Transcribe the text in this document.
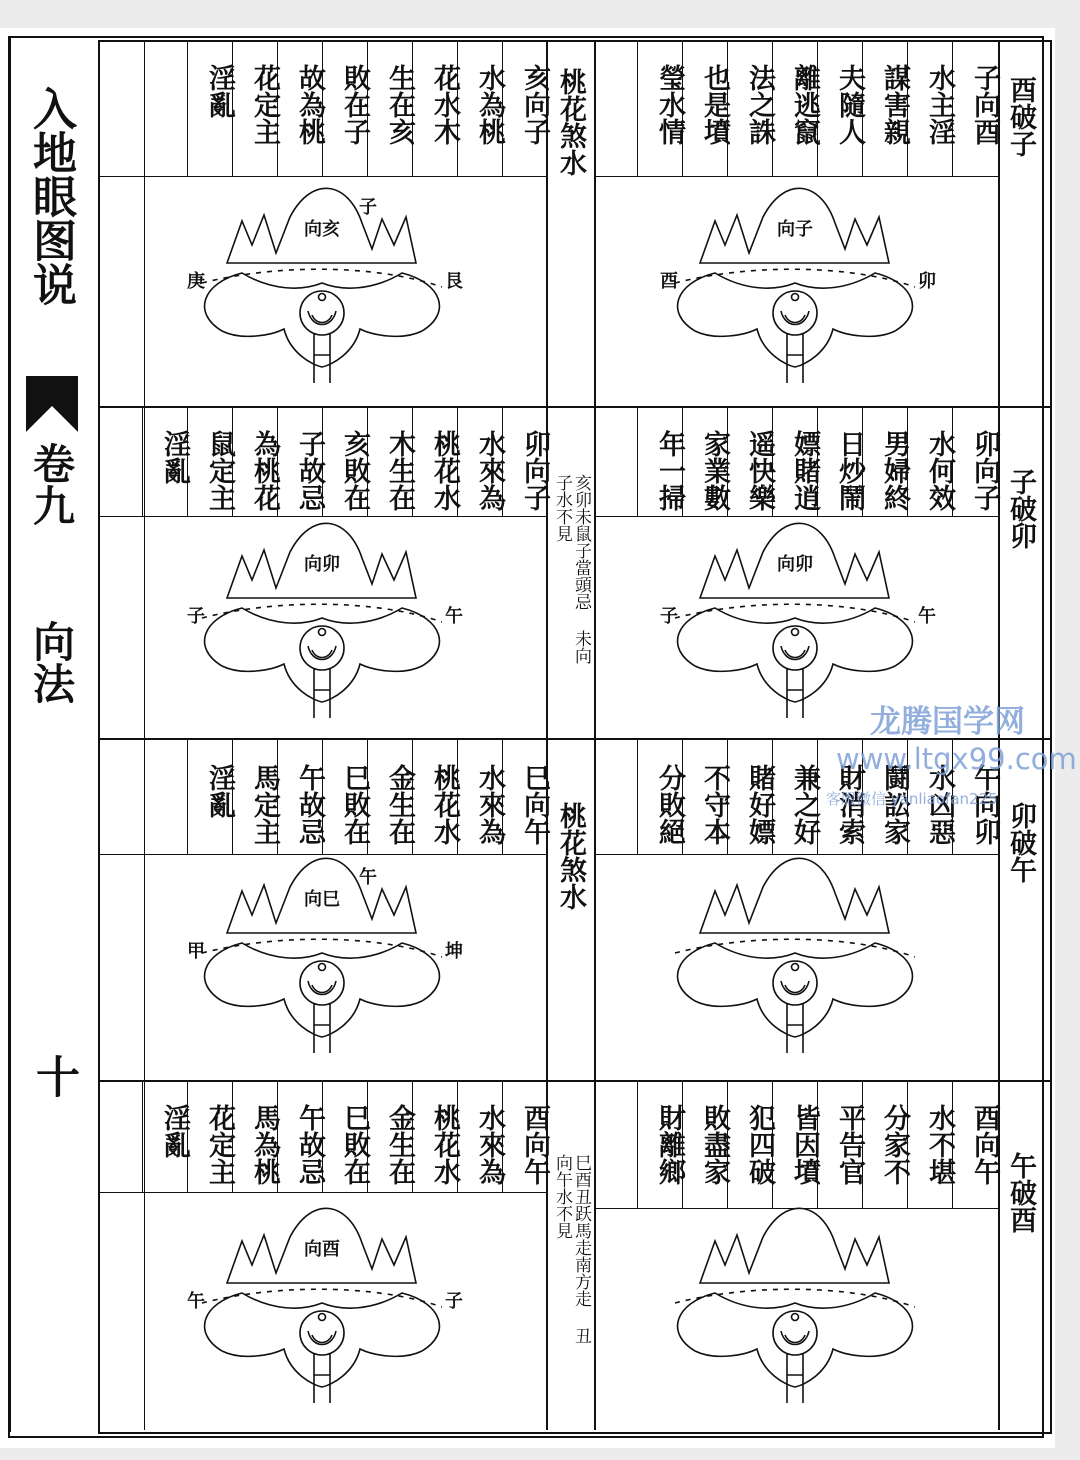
入地眼图说
卷九
向法
十
亥向子
水為桃
花水木
生在亥
敗在子
故為桃
花定主
淫亂
卯向子
水來為
桃花水
木生在
亥敗在
子故忌
為桃花
鼠定主
淫亂
巳向午
水來為
桃花水
金生在
巳敗在
午故忌
馬定主
淫亂
酉向午
水來為
桃花水
金生在
巳敗在
午故忌
馬為桃
花定主
淫亂
子向酉
水主淫
謀害親
夫隨人
離逃竄
法之誅
也是墳
瑩水情
卯向子
水何效
男婦終
日炒鬧
嫖賭逍
遥快樂
家業數
年一掃
午向卯
水凶惡
鬪訟家
財消索
兼之好
賭好嫖
不守本
分敗絕
酉向午
水不堪
分家不
平告官
皆因墳
犯四破
敗盡家
財離鄉
向亥
庚	艮
子
向卯
子	午
向巳
甲	坤
午
向酉
午	子
向子
酉	卯
向卯
子	午
桃花煞水
桃花煞水
亥卯未鼠子當頭忌 未向子水不見
巳酉丑跃馬走南方走 丑向午水不見
酉破子
子破卯
卯破午
午破酉
龙腾国学网
www.ltgx99.com
客服微信 yanliaofan225
